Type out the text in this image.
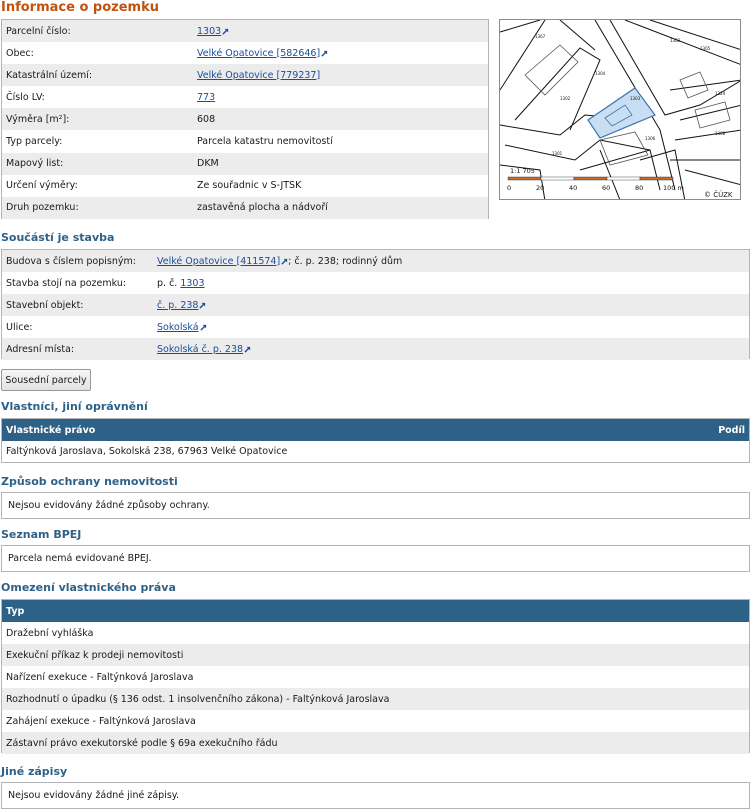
Informace o pozemku
Parcelní číslo:	1303
Obec:	Velké Opatovice [582646]
Katastrální území:	Velké Opatovice [779237]
Číslo LV:	773
Výměra [m²]:	608
Typ parcely:	Parcela katastru nemovitostí
Mapový list:	DKM
Určení výměry:	Ze souřadnic v S-JTSK
Druh pozemku:	zastavěná plocha a nádvoří
1367
1304
1302
1303
1303
1301
1306
1305
1324
1308
1:1 705
0	20	40	60	80	100 m
© ČÚZK
Součástí je stavba
Budova s číslem popisným:	Velké Opatovice [411574] ; č. p. 238; rodinný dům
Stavba stojí na pozemku:	p. č. 1303
Stavební objekt:	č. p. 238
Ulice:	Sokolská
Adresní místa:	Sokolská č. p. 238
Sousední parcely
Vlastníci, jiní oprávnění
Vlastnické právo	Podíl
Faltýnková Jaroslava, Sokolská 238, 67963 Velké Opatovice
Způsob ochrany nemovitosti
Nejsou evidovány žádné způsoby ochrany.
Seznam BPEJ
Parcela nemá evidované BPEJ.
Omezení vlastnického práva
Typ
Dražební vyhláška
Exekuční příkaz k prodeji nemovitosti
Nařízení exekuce - Faltýnková Jaroslava
Rozhodnutí o úpadku (§ 136 odst. 1 insolvenčního zákona) - Faltýnková Jaroslava
Zahájení exekuce - Faltýnková Jaroslava
Zástavní právo exekutorské podle § 69a exekučního řádu
Jiné zápisy
Nejsou evidovány žádné jiné zápisy.
